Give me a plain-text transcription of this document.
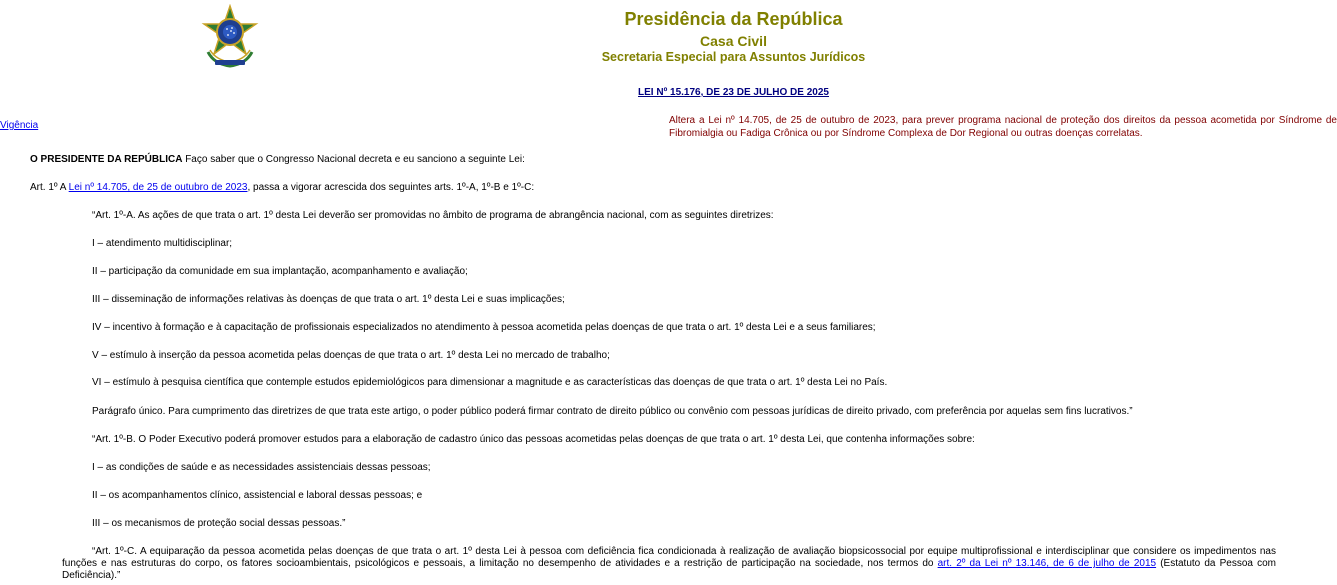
Presidência da República
Casa Civil
Secretaria Especial para Assuntos Jurídicos
LEI Nº 15.176, DE 23 DE JULHO DE 2025
Vigência	Altera a Lei nº 14.705, de 25 de outubro de 2023, para prever programa nacional de proteção dos direitos da pessoa acometida por Síndrome de Fibromialgia ou Fadiga Crônica ou por Síndrome Complexa de Dor Regional ou outras doenças correlatas.
O PRESIDENTE DA REPÚBLICA Faço saber que o Congresso Nacional decreta e eu sanciono a seguinte Lei:
Art. 1º A Lei nº 14.705, de 25 de outubro de 2023, passa a vigorar acrescida dos seguintes arts. 1º-A, 1º-B e 1º-C:
“Art. 1º-A. As ações de que trata o art. 1º desta Lei deverão ser promovidas no âmbito de programa de abrangência nacional, com as seguintes diretrizes:
I – atendimento multidisciplinar;
II – participação da comunidade em sua implantação, acompanhamento e avaliação;
III – disseminação de informações relativas às doenças de que trata o art. 1º desta Lei e suas implicações;
IV – incentivo à formação e à capacitação de profissionais especializados no atendimento à pessoa acometida pelas doenças de que trata o art. 1º desta Lei e a seus familiares;
V – estímulo à inserção da pessoa acometida pelas doenças de que trata o art. 1º desta Lei no mercado de trabalho;
VI – estímulo à pesquisa científica que contemple estudos epidemiológicos para dimensionar a magnitude e as características das doenças de que trata o art. 1º desta Lei no País.
Parágrafo único. Para cumprimento das diretrizes de que trata este artigo, o poder público poderá firmar contrato de direito público ou convênio com pessoas jurídicas de direito privado, com preferência por aquelas sem fins lucrativos.”
“Art. 1º-B. O Poder Executivo poderá promover estudos para a elaboração de cadastro único das pessoas acometidas pelas doenças de que trata o art. 1º desta Lei, que contenha informações sobre:
I – as condições de saúde e as necessidades assistenciais dessas pessoas;
II – os acompanhamentos clínico, assistencial e laboral dessas pessoas; e
III – os mecanismos de proteção social dessas pessoas.”
“Art. 1º-C. A equiparação da pessoa acometida pelas doenças de que trata o art. 1º desta Lei à pessoa com deficiência fica condicionada à realização de avaliação biopsicossocial por equipe multiprofissional e interdisciplinar que considere os impedimentos nas funções e nas estruturas do corpo, os fatores socioambientais, psicológicos e pessoais, a limitação no desempenho de atividades e a restrição de participação na sociedade, nos termos do art. 2º da Lei nº 13.146, de 6 de julho de 2015 (Estatuto da Pessoa com Deficiência).”
